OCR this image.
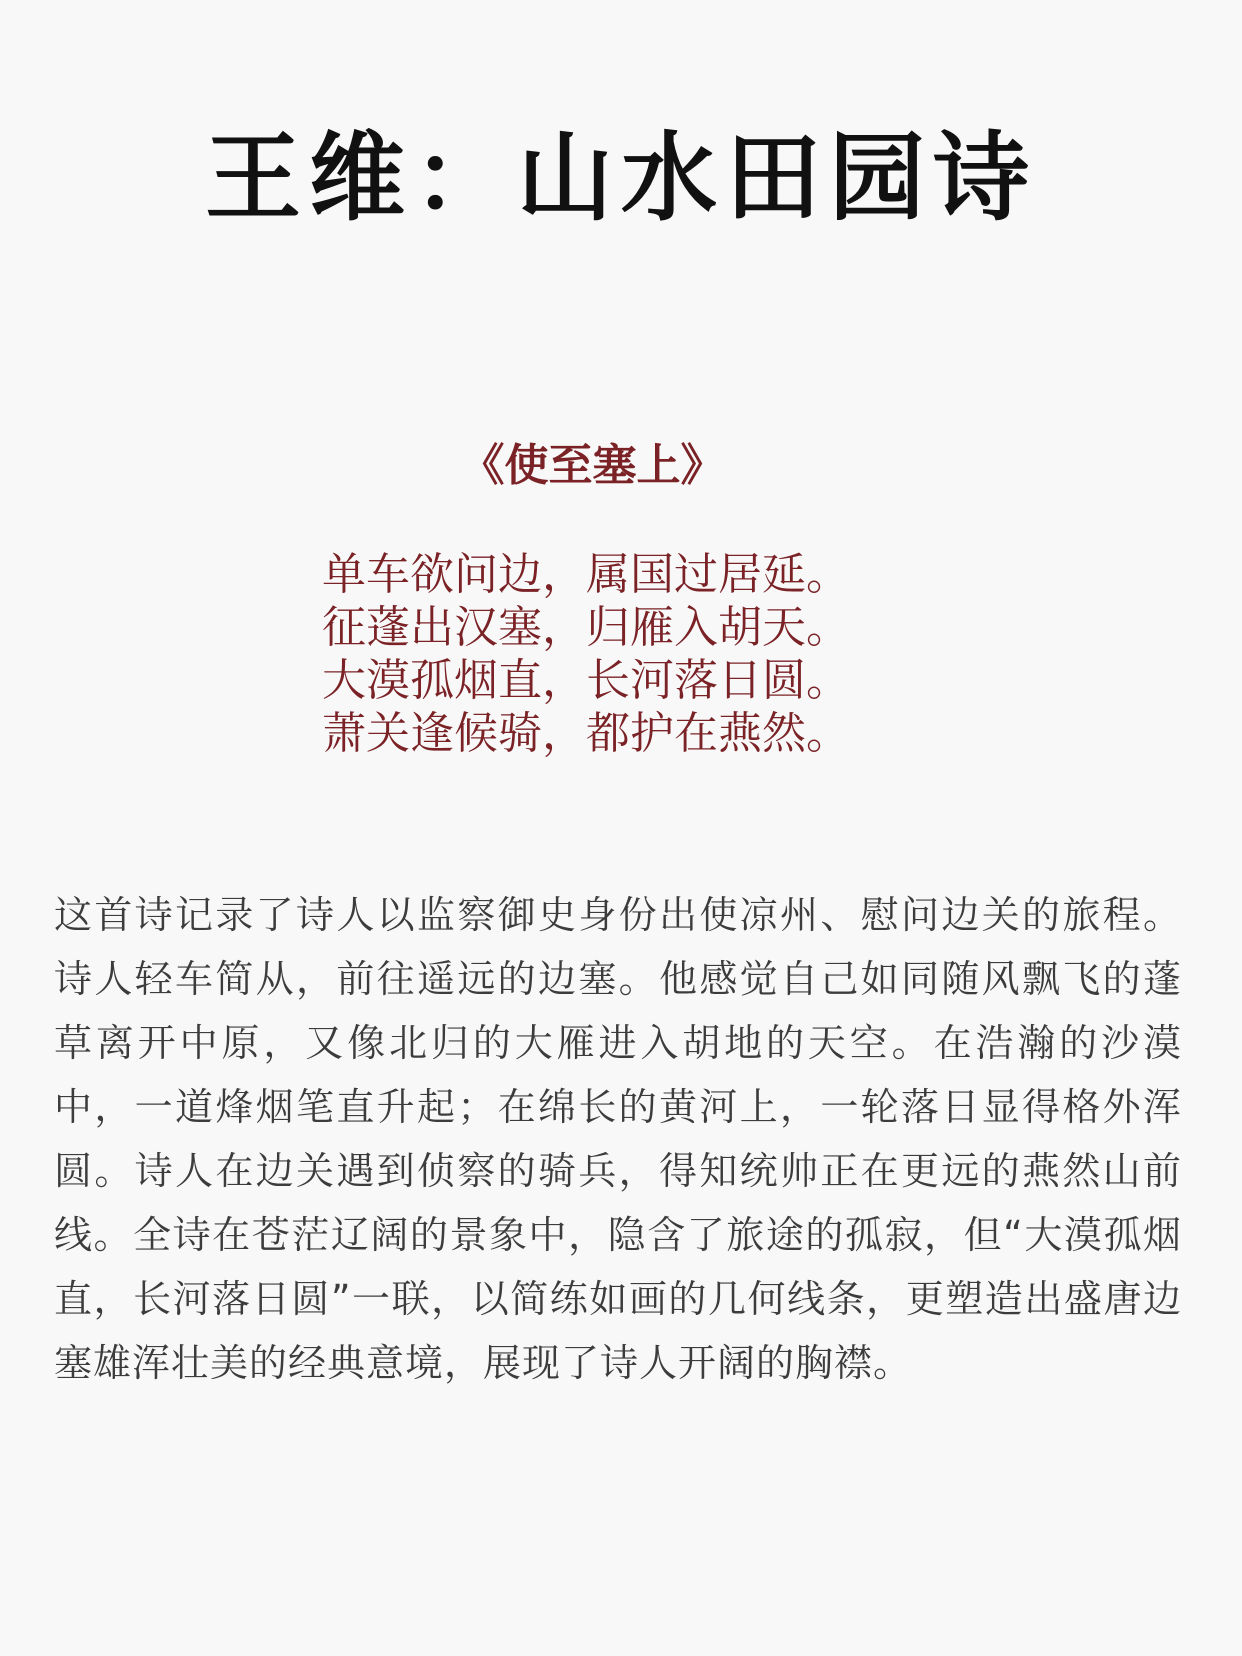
王维：山水田园诗
《使至塞上》
单车欲问边，属国过居延。
征蓬出汉塞，归雁入胡天。
大漠孤烟直，长河落日圆。
萧关逢候骑，都护在燕然。

这首诗记录了诗人以监察御史身份出使凉州、慰问边关的旅程。诗人轻车简从，前往遥远的边塞。他感觉自己如同随风飘飞的蓬草离开中原，又像北归的大雁进入胡地的天空。在浩瀚的沙漠中，一道烽烟笔直升起；在绵长的黄河上，一轮落日显得格外浑圆。诗人在边关遇到侦察的骑兵，得知统帅正在更远的燕然山前线。全诗在苍茫辽阔的景象中，隐含了旅途的孤寂，但“大漠孤烟直，长河落日圆”一联，以简练如画的几何线条，更塑造出盛唐边塞雄浑壮美的经典意境，展现了诗人开阔的胸襟。
